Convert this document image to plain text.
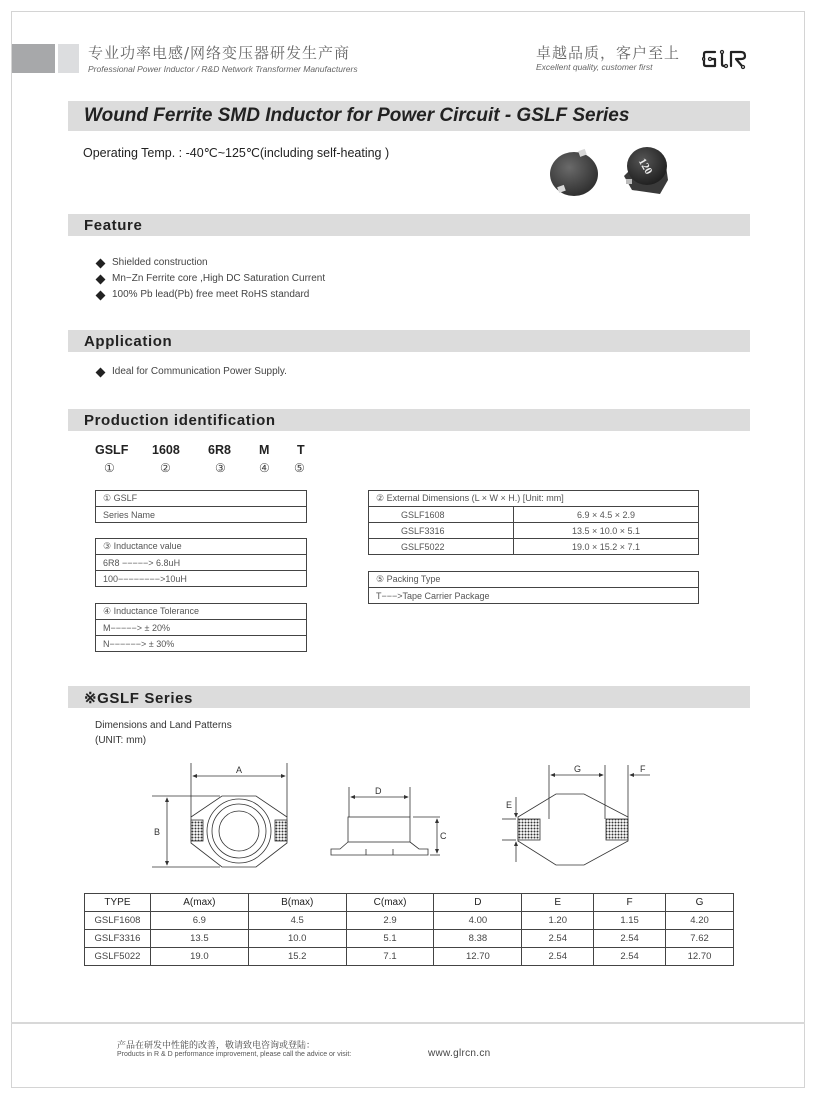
专业功率电感/网络变压器研发生产商
Professional Power Inductor / R&D Network Transformer Manufacturers
卓越品质，客户至上
Excellent quality, customer first
Wound Ferrite SMD Inductor for Power Circuit - GSLF Series
Operating Temp. : -40℃~125℃(including self-heating )
120
Feature
Shielded construction
Mn−Zn Ferrite core ,High DC Saturation Current
100% Pb lead(Pb) free meet RoHS standard
Application
Ideal for Communication Power Supply.
Production identification
GSLF 1608 6R8 M T
①	②	③	④ ⑤
① GSLF
Series Name
③ Inductance value
6R8 −−−−−> 6.8uH
100−−−−−−−−>10uH
④ Inductance Tolerance
M−−−−−> ± 20%
N−−−−−−> ± 30%
② External Dimensions (L × W × H.) [Unit: mm]	
GSLF1608	6.9 × 4.5 × 2.9
GSLF3316	13.5 × 10.0 × 5.1
GSLF5022	19.0 × 15.2 × 7.1
⑤ Packing Type
T−−−>Tape Carrier Package
※GSLF Series
Dimensions and Land Patterns
(UNIT: mm)
A
B	C
D
E
F
G
TYPE	A(max)	B(max)	C(max)	D	E	F	G
GSLF1608	6.9	4.5	2.9	4.00	1.20	1.15	4.20
GSLF3316	13.5	10.0	5.1	8.38	2.54	2.54	7.62
GSLF5022	19.0	15.2	7.1	12.70	2.54	2.54	12.70
产品在研发中性能的改善，敬请致电咨询或登陆：
Products in R & D performance improvement, please call the advice or visit:	www.glrcn.cn
